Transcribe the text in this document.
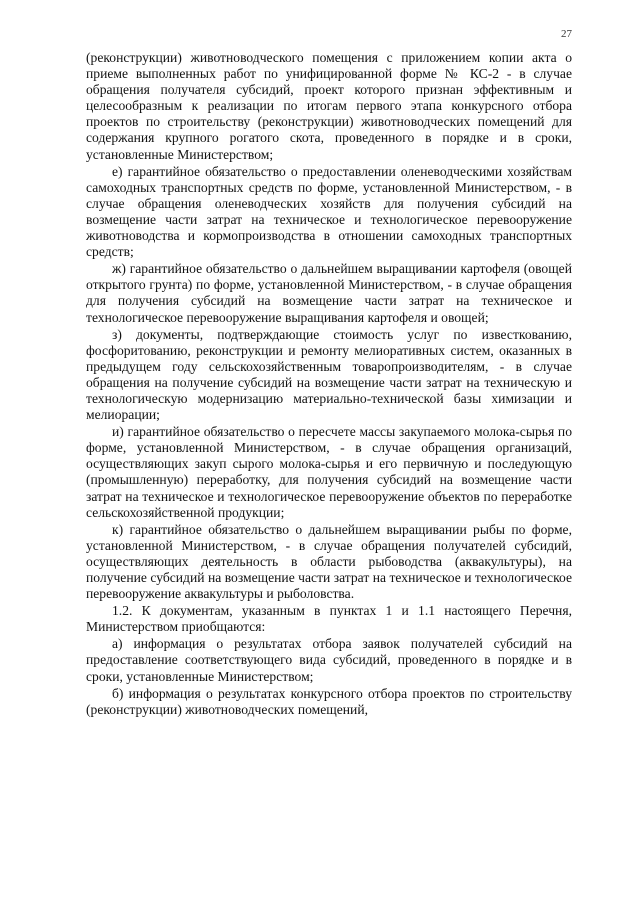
27

(реконструкции) животноводческого помещения с приложением копии акта о приеме выполненных работ по унифицированной форме № КС-2 - в случае обращения получателя субсидий, проект которого признан эффективным и целесообразным к реализации по итогам первого этапа конкурсного отбора проектов по строительству (реконструкции) животноводческих помещений для содержания крупного рогатого скота, проведенного в порядке и в сроки, установленные Министерством;

е) гарантийное обязательство о предоставлении оленеводческими хозяйствам самоходных транспортных средств по форме, установленной Министерством, - в случае обращения оленеводческих хозяйств для получения субсидий на возмещение части затрат на техническое и технологическое перевооружение животноводства и кормопроизводства в отношении самоходных транспортных средств;

ж) гарантийное обязательство о дальнейшем выращивании картофеля (овощей открытого грунта) по форме, установленной Министерством, - в случае обращения для получения субсидий на возмещение части затрат на техническое и технологическое перевооружение выращивания картофеля и овощей;

з) документы, подтверждающие стоимость услуг по известкованию, фосфоритованию, реконструкции и ремонту мелиоративных систем, оказанных в предыдущем году сельскохозяйственным товаропроизводителям, - в случае обращения на получение субсидий на возмещение части затрат на техническую и технологическую модернизацию материально-технической базы химизации и мелиорации;

и) гарантийное обязательство о пересчете массы закупаемого молока-сырья по форме, установленной Министерством, - в случае обращения организаций, осуществляющих закуп сырого молока-сырья и его первичную и последующую (промышленную) переработку, для получения субсидий на возмещение части затрат на техническое и технологическое перевооружение объектов по переработке сельскохозяйственной продукции;

к) гарантийное обязательство о дальнейшем выращивании рыбы по форме, установленной Министерством, - в случае обращения получателей субсидий, осуществляющих деятельность в области рыбоводства (аквакультуры), на получение субсидий на возмещение части затрат на техническое и технологическое перевооружение аквакультуры и рыболовства.

1.2. К документам, указанным в пунктах 1 и 1.1 настоящего Перечня, Министерством приобщаются:

а) информация о результатах отбора заявок получателей субсидий на предоставление соответствующего вида субсидий, проведенного в порядке и в сроки, установленные Министерством;

б) информация о результатах конкурсного отбора проектов по строительству (реконструкции) животноводческих помещений,
